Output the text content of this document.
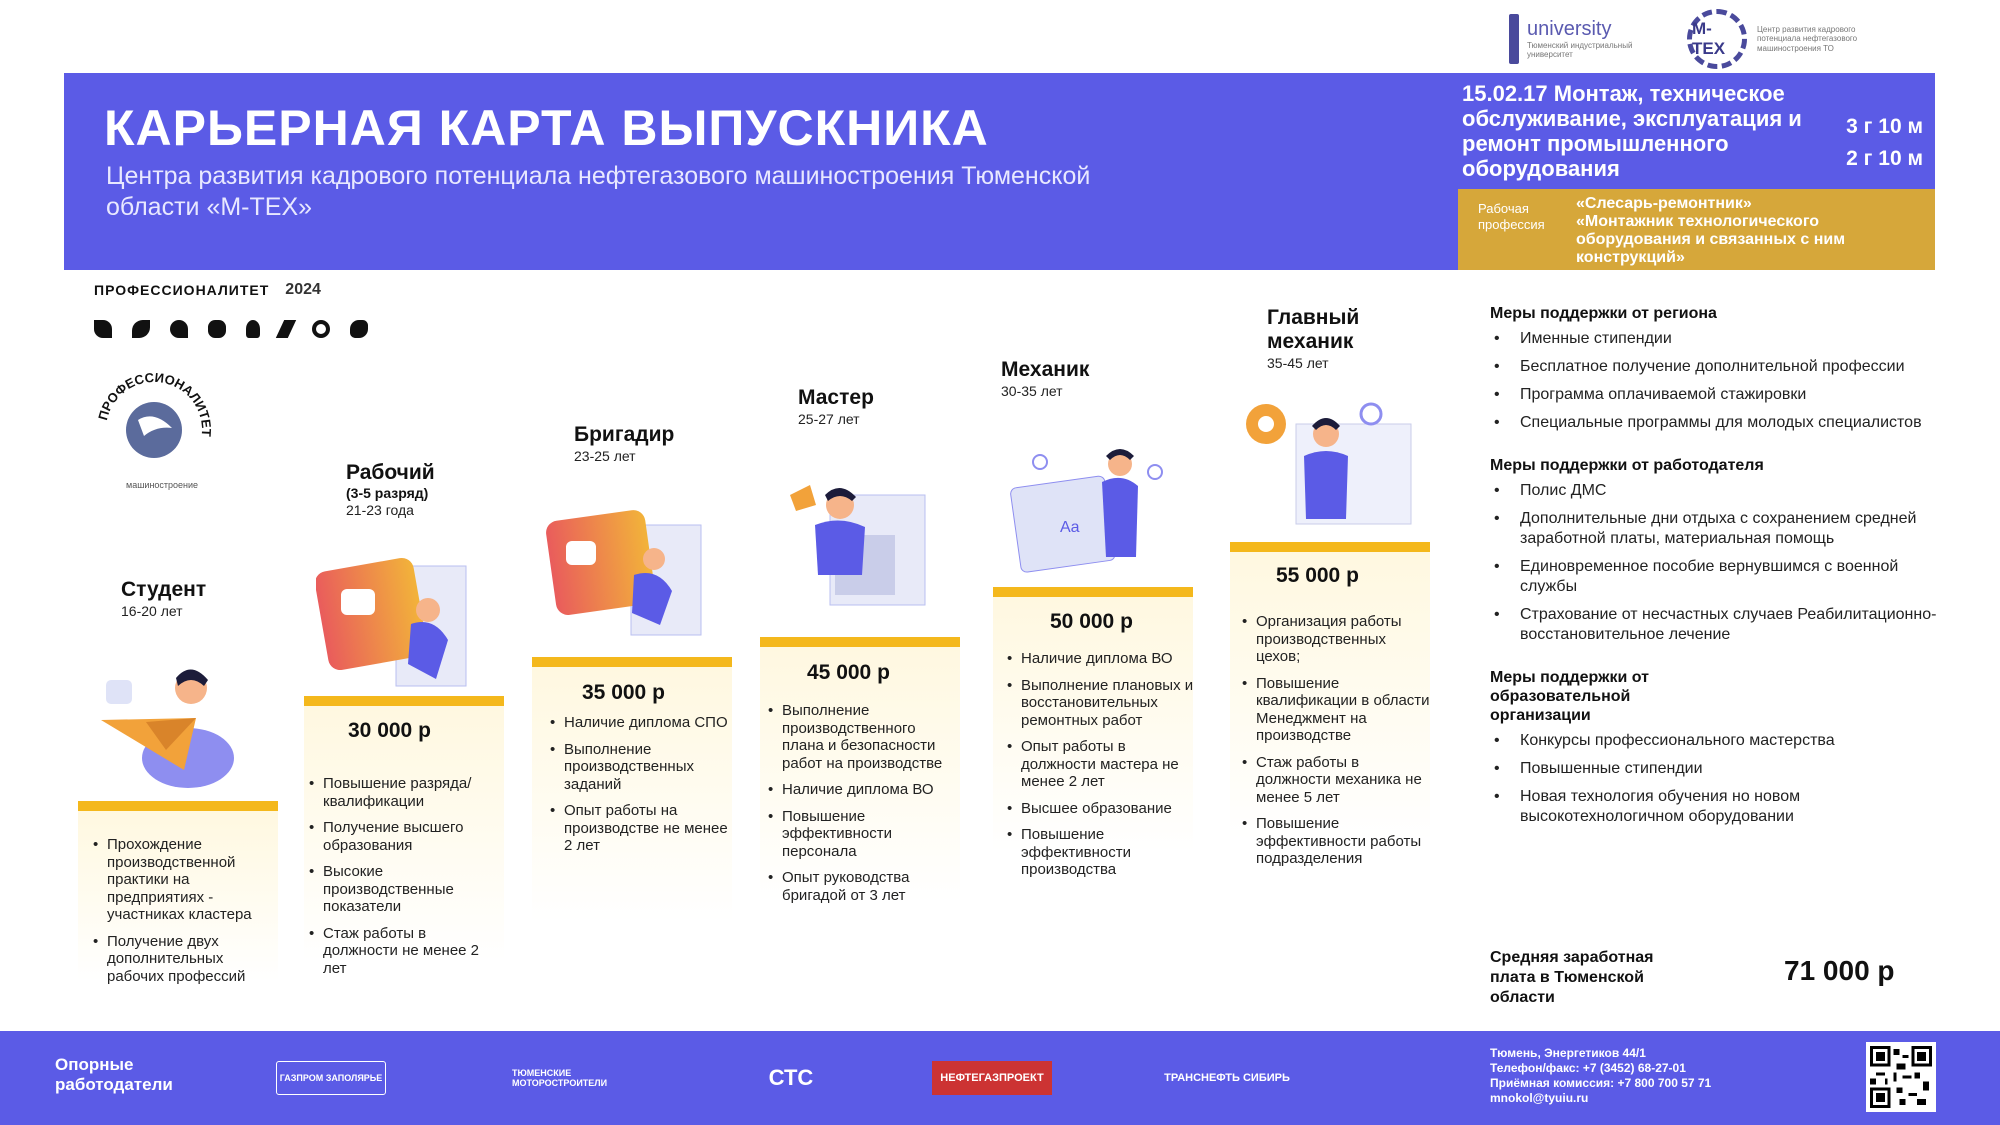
university
Тюменский индустриальный университет
М-ТЕХ
Центр развития кадрового потенциала нефтегазового машиностроения ТО
КАРЬЕРНАЯ КАРТА ВЫПУСКНИКА
Центра развития кадрового потенциала нефтегазового машиностроения Тюменской области «М-ТЕХ»
15.02.17 Монтаж, техническое обслуживание, эксплуатация и ремонт промышленного оборудования
3 г 10 м
2 г 10 м
Рабочая профессия
«Слесарь-ремонтник»
«Монтажник технологического оборудования и связанных с ним конструкций»
ПРОФЕССИОНАЛИТЕТ 2024
ПРОФЕССИОНАЛИТЕТ
машиностроение
Студент
16-20 лет
• Прохождение производственной практики на предприятиях - участниках кластера
• Получение двух дополнительных рабочих профессий
Рабочий
(3-5 разряд)
21-23 года
30 000 р
• Повышение разряда/ квалификации
• Получение высшего образования
• Высокие производственные показатели
• Стаж работы в должности не менее 2 лет
Бригадир
23-25 лет
35 000 р
• Наличие диплома СПО
• Выполнение производственных заданий
• Опыт работы на производстве не менее 2 лет
Мастер
25-27 лет
45 000 р
• Выполнение производственного плана и безопасности работ на производстве
• Наличие диплома ВО
• Повышение эффективности персонала
• Опыт руководства бригадой от 3 лет
Механик
30-35 лет
Aa
50 000 р
• Наличие диплома ВО
• Выполнение плановых и восстановительных ремонтных работ
• Опыт работы в должности мастера не менее 2 лет
• Высшее образование
• Повышение эффективности производства
Главный механик
35-45 лет
55 000 р
• Организация работы производственных цехов;
• Повышение квалификации в области Менеджмент на производстве
• Стаж работы в должности механика не менее 5 лет
• Повышение эффективности работы подразделения
Меры поддержки от региона
• Именные стипендии
• Бесплатное получение дополнительной профессии
• Программа оплачиваемой стажировки
• Специальные программы для молодых специалистов
Меры поддержки от работодателя
• Полис ДМС
• Дополнительные дни отдыха с сохранением средней заработной платы, материальная помощь
• Единовременное пособие вернувшимся с военной службы
• Страхование от несчастных случаев Реабилитационно-восстановительное лечение
Меры поддержки от образовательной организации
• Конкурсы профессионального мастерства
• Повышенные стипендии
• Новая технология обучения но новом высокотехнологичном оборудовании
Средняя заработная плата в Тюменской области
71 000 р
Опорные работодатели	ГАЗПРОМ ЗАПОЛЯРЬЕ	ТЮМЕНСКИЕ МОТОРОСТРОИТЕЛИ	СТС	НЕФТЕГАЗПРОЕКТ	ТРАНСНЕФТЬ СИБИРЬ
Тюмень, Энергетиков 44/1
Телефон/факс: +7 (3452) 68-27-01
Приёмная комиссия: +7 800 700 57 71
mnokol@tyuiu.ru
